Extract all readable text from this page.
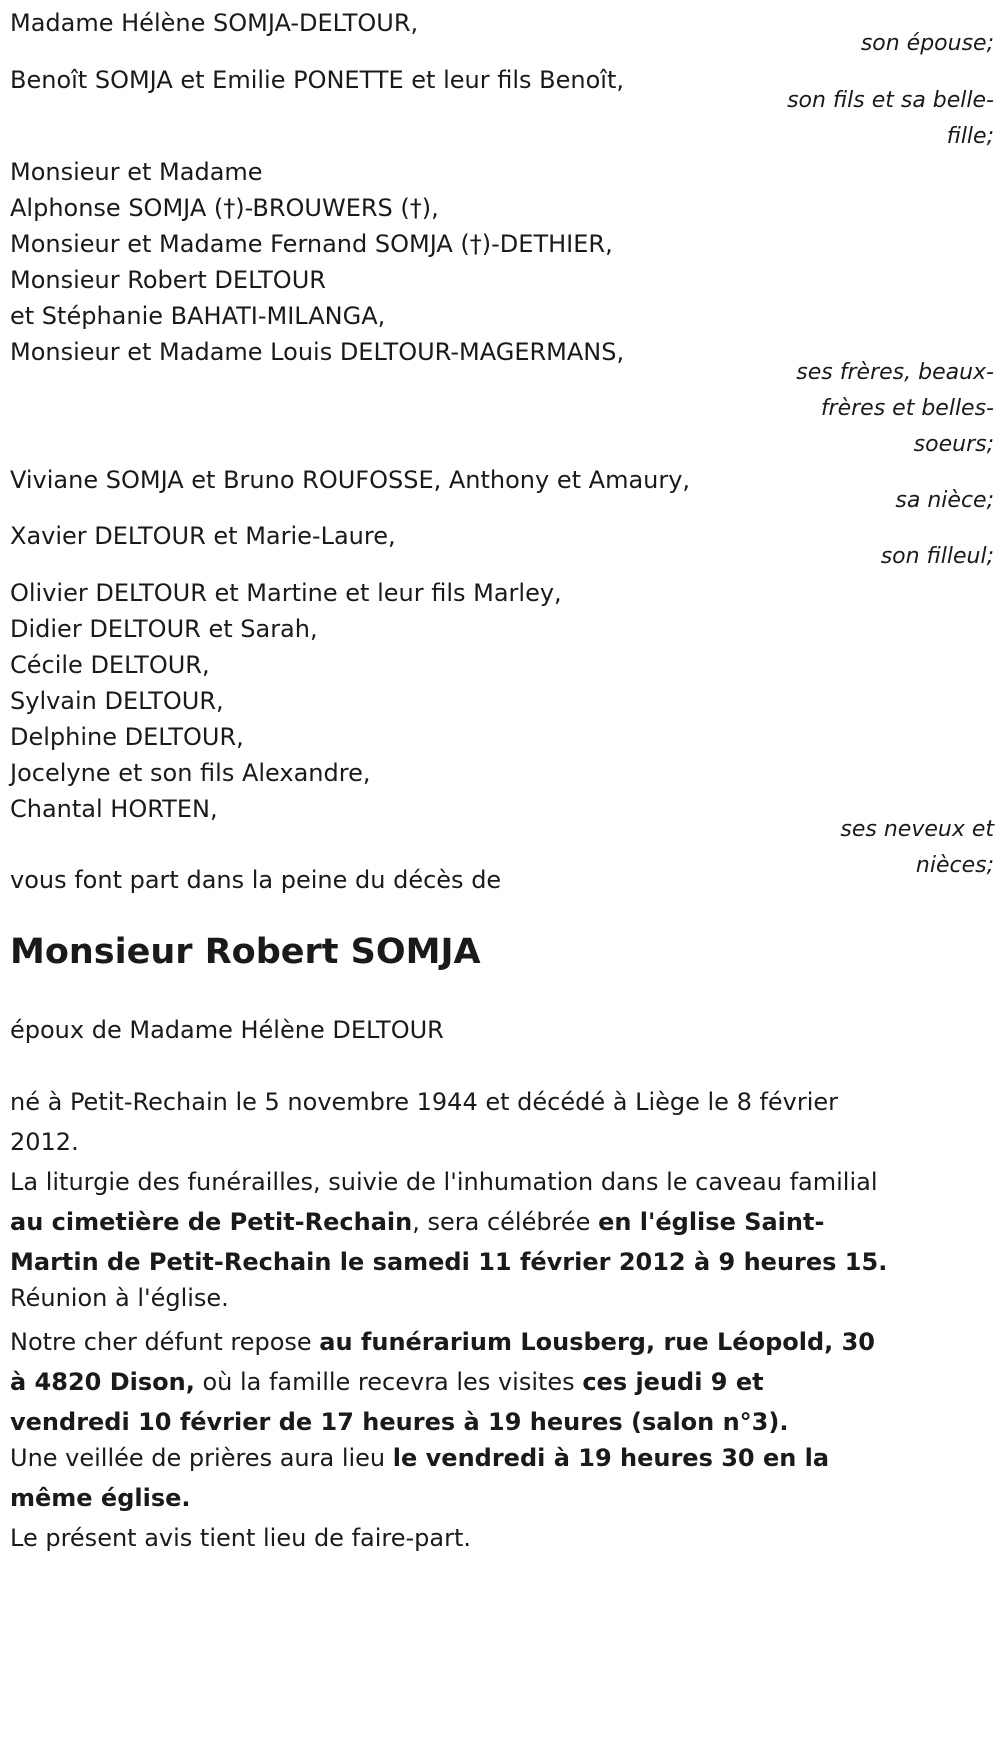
Madame Hélène SOMJA-DELTOUR,
son épouse;
Benoît SOMJA et Emilie PONETTE et leur fils Benoît,
son fils et sa belle-
fille;
Monsieur et Madame
Alphonse SOMJA (†)-BROUWERS (†),
Monsieur et Madame Fernand SOMJA (†)-DETHIER,
Monsieur Robert DELTOUR
et Stéphanie BAHATI-MILANGA,
Monsieur et Madame Louis DELTOUR-MAGERMANS,
ses frères, beaux-
frères et belles-
soeurs;
Viviane SOMJA et Bruno ROUFOSSE, Anthony et Amaury,
sa nièce;
Xavier DELTOUR et Marie-Laure,
son filleul;
Olivier DELTOUR et Martine et leur fils Marley,
Didier DELTOUR et Sarah,
Cécile DELTOUR,
Sylvain DELTOUR,
Delphine DELTOUR,
Jocelyne et son fils Alexandre,
Chantal HORTEN,
ses neveux et
nièces;
vous font part dans la peine du décès de
Monsieur Robert SOMJA
époux de Madame Hélène DELTOUR
né à Petit-Rechain le 5 novembre 1944 et décédé à Liège le 8 février 2012.
La liturgie des funérailles, suivie de l'inhumation dans le caveau familial au cimetière de Petit-Rechain, sera célébrée en l'église Saint-Martin de Petit-Rechain le samedi 11 février 2012 à 9 heures 15.
Réunion à l'église.
Notre cher défunt repose au funérarium Lousberg, rue Léopold, 30 à 4820 Dison, où la famille recevra les visites ces jeudi 9 et vendredi 10 février de 17 heures à 19 heures (salon n°3).
Une veillée de prières aura lieu le vendredi à 19 heures 30 en la même église.
Le présent avis tient lieu de faire-part.
